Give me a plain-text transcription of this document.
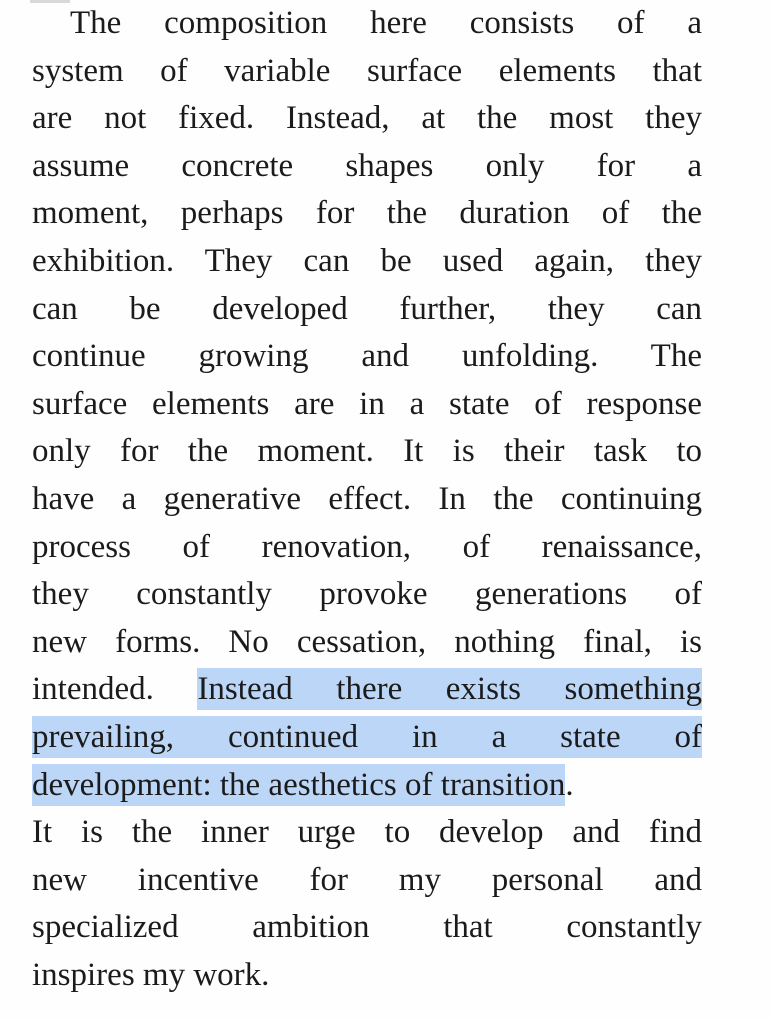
The composition here consists of a
system of variable surface elements that
are not fixed. Instead, at the most they
assume concrete shapes only for a
moment, perhaps for the duration of the
exhibition. They can be used again, they
can be developed further, they can
continue growing and unfolding. The
surface elements are in a state of response
only for the moment. It is their task to
have a generative effect. In the continuing
process of renovation, of renaissance,
they constantly provoke generations of
new forms. No cessation, nothing final, is
intended. Instead there exists something
prevailing, continued in a state of
development: the aesthetics of transition.
It is the inner urge to develop and find
new incentive for my personal and
specialized ambition that constantly
inspires my work.
